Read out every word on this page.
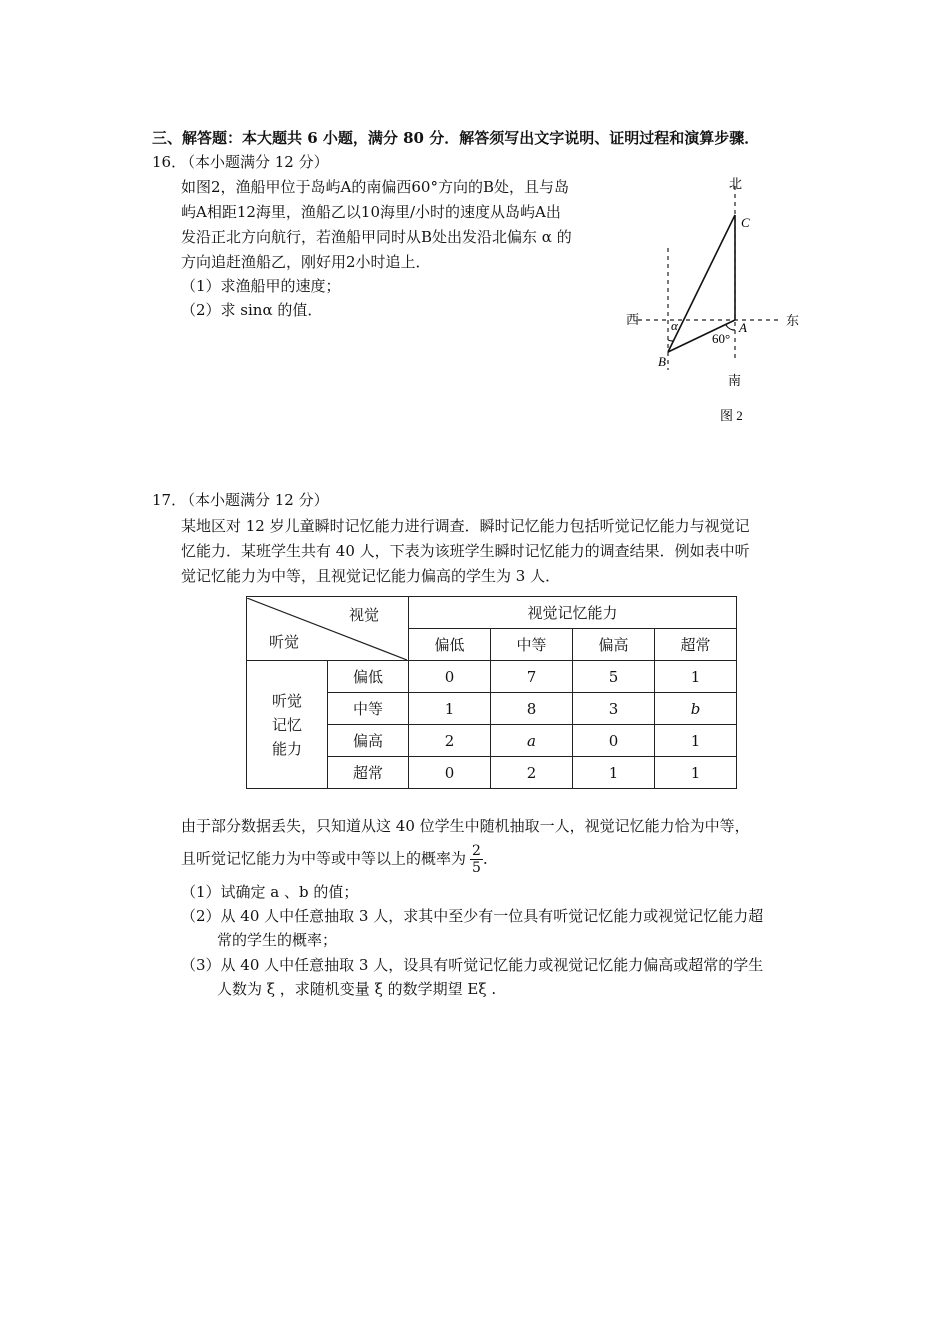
三、解答题：本大题共 6 小题，满分 80 分．解答须写出文字说明、证明过程和演算步骤．
16．
（本小题满分 12 分）
如图2，渔船甲位于岛屿A的南偏西60°方向的B处，且与岛
屿A相距12海里，渔船乙以10海里/小时的速度从岛屿A出
发沿正北方向航行，若渔船甲同时从B处出发沿北偏东 α 的
方向追赶渔船乙，刚好用2小时追上．
（1）求渔船甲的速度；
（2）求 sinα 的值．
北
C
西	东
α	A
60°
B
南
图 2
17．
（本小题满分 12 分）
某地区对 12 岁儿童瞬时记忆能力进行调查．瞬时记忆能力包括听觉记忆能力与视觉记
忆能力．某班学生共有 40 人，下表为该班学生瞬时记忆能力的调查结果．例如表中听
觉记忆能力为中等，且视觉记忆能力偏高的学生为 3 人．
视觉
听觉		视觉记忆能力			
		偏低	中等	偏高	超常
听觉
记忆
能力	偏低	0	7	5	1
	中等	1	8	3	b
	偏高	2	a	0	1
	超常	0	2	1	1
由于部分数据丢失，只知道从这 40 位学生中随机抽取一人，视觉记忆能力恰为中等，
且听觉记忆能力为中等或中等以上的概率为 $\frac{2}{5}$ ．
（1）试确定 a 、b 的值；
（2）从 40 人中任意抽取 3 人，求其中至少有一位具有听觉记忆能力或视觉记忆能力超
常的学生的概率；
（3）从 40 人中任意抽取 3 人，设具有听觉记忆能力或视觉记忆能力偏高或超常的学生
人数为 ξ ，求随机变量 ξ 的数学期望 Eξ .
